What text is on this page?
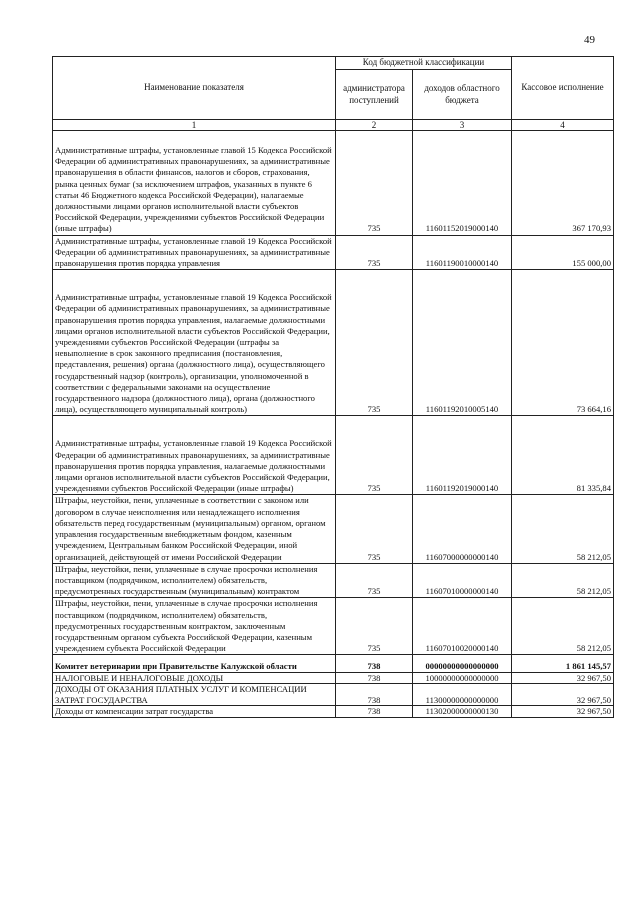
49
Наименование показателя	Код бюджетной классификации		Кассовое исполнение
	администратора поступлений	доходов областного бюджета	
1	2	3	4
Административные штрафы, установленные главой 15 Кодекса Российской Федерации об административных правонарушениях, за административные правонарушения в области финансов, налогов и сборов, страхования, рынка ценных бумаг (за исключением штрафов, указанных в пункте 6 статьи 46 Бюджетного кодекса Российской Федерации), налагаемые должностными лицами органов исполнительной власти субъектов Российской Федерации, учреждениями субъектов Российской Федерации (иные штрафы)	735	11601152019000140	367 170,93
Административные штрафы, установленные главой 19 Кодекса Российской Федерации об административных правонарушениях, за административные правонарушения против порядка управления	735	11601190010000140	155 000,00
Административные штрафы, установленные главой 19 Кодекса Российской Федерации об административных правонарушениях, за административные правонарушения против порядка управления, налагаемые должностными лицами органов исполнительной власти субъектов Российской Федерации, учреждениями субъектов Российской Федерации (штрафы за невыполнение в срок законного предписания (постановления, представления, решения) органа (должностного лица), осуществляющего государственный надзор (контроль), организации, уполномоченной в соответствии с федеральными законами на осуществление государственного надзора (должностного лица), органа (должностного лица), осуществляющего муниципальный контроль)	735	11601192010005140	73 664,16
Административные штрафы, установленные главой 19 Кодекса Российской Федерации об административных правонарушениях, за административные правонарушения против порядка управления, налагаемые должностными лицами органов исполнительной власти субъектов Российской Федерации, учреждениями субъектов Российской Федерации (иные штрафы)	735	11601192019000140	81 335,84
Штрафы, неустойки, пени, уплаченные в соответствии с законом или договором в случае неисполнения или ненадлежащего исполнения обязательств перед государственным (муниципальным) органом, органом управления государственным внебюджетным фондом, казенным учреждением, Центральным банком Российской Федерации, иной организацией, действующей от имени Российской Федерации	735	11607000000000140	58 212,05
Штрафы, неустойки, пени, уплаченные в случае просрочки исполнения поставщиком (подрядчиком, исполнителем) обязательств, предусмотренных государственным (муниципальным) контрактом	735	11607010000000140	58 212,05
Штрафы, неустойки, пени, уплаченные в случае просрочки исполнения поставщиком (подрядчиком, исполнителем) обязательств, предусмотренных государственным контрактом, заключенным государственным органом субъекта Российской Федерации, казенным учреждением субъекта Российской Федерации	735	11607010020000140	58 212,05
Комитет ветеринарии при Правительстве Калужской области	738	00000000000000000	1 861 145,57
НАЛОГОВЫЕ И НЕНАЛОГОВЫЕ ДОХОДЫ	738	10000000000000000	32 967,50
ДОХОДЫ ОТ ОКАЗАНИЯ ПЛАТНЫХ УСЛУГ И КОМПЕНСАЦИИ ЗАТРАТ ГОСУДАРСТВА	738	11300000000000000	32 967,50
Доходы от компенсации затрат государства	738	11302000000000130	32 967,50
